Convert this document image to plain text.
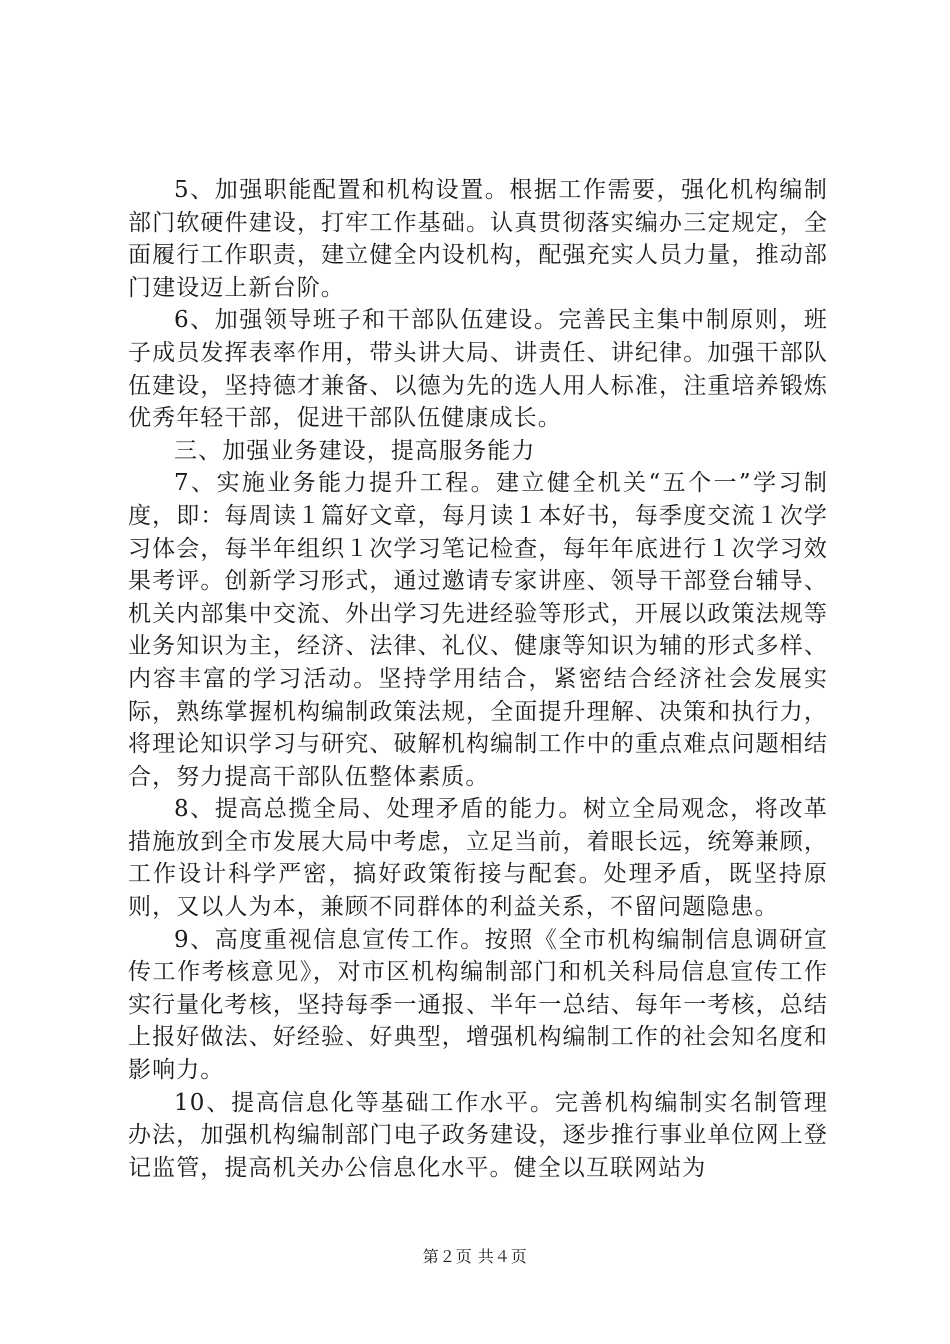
5、加强职能配置和机构设置。根据工作需要，强化机构编制部门软硬件建设，打牢工作基础。认真贯彻落实编办三定规定，全面履行工作职责，建立健全内设机构，配强充实人员力量，推动部门建设迈上新台阶。

6、加强领导班子和干部队伍建设。完善民主集中制原则，班子成员发挥表率作用，带头讲大局、讲责任、讲纪律。加强干部队伍建设，坚持德才兼备、以德为先的选人用人标准，注重培养锻炼优秀年轻干部，促进干部队伍健康成长。

三、加强业务建设，提高服务能力

7、实施业务能力提升工程。建立健全机关“五个一”学习制度，即：每周读１篇好文章，每月读１本好书，每季度交流１次学习体会，每半年组织１次学习笔记检查，每年年底进行１次学习效果考评。创新学习形式，通过邀请专家讲座、领导干部登台辅导、机关内部集中交流、外出学习先进经验等形式，开展以政策法规等业务知识为主，经济、法律、礼仪、健康等知识为辅的形式多样、内容丰富的学习活动。坚持学用结合，紧密结合经济社会发展实际，熟练掌握机构编制政策法规，全面提升理解、决策和执行力，将理论知识学习与研究、破解机构编制工作中的重点难点问题相结合，努力提高干部队伍整体素质。

8、提高总揽全局、处理矛盾的能力。树立全局观念，将改革措施放到全市发展大局中考虑，立足当前，着眼长远，统筹兼顾，工作设计科学严密，搞好政策衔接与配套。处理矛盾，既坚持原则，又以人为本，兼顾不同群体的利益关系，不留问题隐患。

9、高度重视信息宣传工作。按照《全市机构编制信息调研宣传工作考核意见》，对市区机构编制部门和机关科局信息宣传工作实行量化考核，坚持每季一通报、半年一总结、每年一考核，总结上报好做法、好经验、好典型，增强机构编制工作的社会知名度和影响力。

10、提高信息化等基础工作水平。完善机构编制实名制管理办法，加强机构编制部门电子政务建设，逐步推行事业单位网上登记监管，提高机关办公信息化水平。健全以互联网站为

第２页 共４页
